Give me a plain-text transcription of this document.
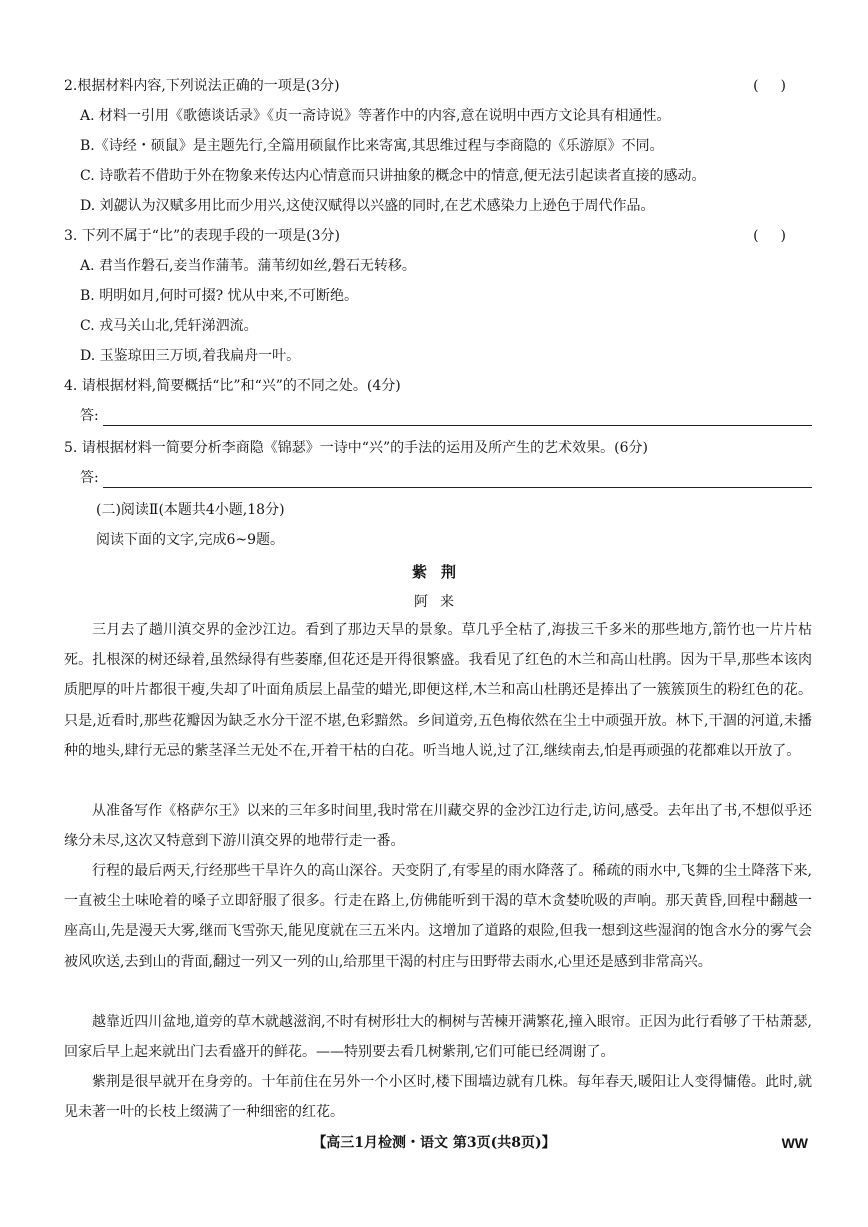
2.根据材料内容,下列说法正确的一项是(3分)	()
A. 材料一引用《歌德谈话录》《贞一斋诗说》等著作中的内容,意在说明中西方文论具有相通性。
B.《诗经・硕鼠》是主题先行,全篇用硕鼠作比来寄寓,其思维过程与李商隐的《乐游原》不同。
C. 诗歌若不借助于外在物象来传达内心情意而只讲抽象的概念中的情意,便无法引起读者直接的感动。
D. 刘勰认为汉赋多用比而少用兴,这使汉赋得以兴盛的同时,在艺术感染力上逊色于周代作品。
3. 下列不属于“比”的表现手段的一项是(3分)	()
A. 君当作磐石,妾当作蒲苇。蒲苇纫如丝,磐石无转移。
B. 明明如月,何时可掇? 忧从中来,不可断绝。
C. 戎马关山北,凭轩涕泗流。
D. 玉鉴琼田三万顷,着我扁舟一叶。
4. 请根据材料,简要概括“比”和“兴”的不同之处。(4分)
答:
5. 请根据材料一简要分析李商隐《锦瑟》一诗中“兴”的手法的运用及所产生的艺术效果。(6分)
答:
(二)阅读Ⅱ(本题共4小题,18分)
阅读下面的文字,完成6~9题。
紫荆
阿来
三月去了趟川滇交界的金沙江边。看到了那边天旱的景象。草几乎全枯了,海拔三千多米的那些地方,箭竹也一片片枯死。扎根深的树还绿着,虽然绿得有些萎靡,但花还是开得很繁盛。我看见了红色的木兰和高山杜鹃。因为干旱,那些本该肉质肥厚的叶片都很干瘦,失却了叶面角质层上晶莹的蜡光,即便这样,木兰和高山杜鹃还是捧出了一簇簇顶生的粉红色的花。只是,近看时,那些花瓣因为缺乏水分干涩不堪,色彩黯然。乡间道旁,五色梅依然在尘土中顽强开放。林下,干涸的河道,未播种的地头,肆行无忌的紫茎泽兰无处不在,开着干枯的白花。听当地人说,过了江,继续南去,怕是再顽强的花都难以开放了。
从准备写作《格萨尔王》以来的三年多时间里,我时常在川藏交界的金沙江边行走,访问,感受。去年出了书,不想似乎还缘分未尽,这次又特意到下游川滇交界的地带行走一番。
行程的最后两天,行经那些干旱许久的高山深谷。天变阴了,有零星的雨水降落了。稀疏的雨水中,飞舞的尘土降落下来,一直被尘土味呛着的嗓子立即舒服了很多。行走在路上,仿佛能听到干渴的草木贪婪吮吸的声响。那天黄昏,回程中翻越一座高山,先是漫天大雾,继而飞雪弥天,能见度就在三五米内。这增加了道路的艰险,但我一想到这些湿润的饱含水分的雾气会被风吹送,去到山的背面,翻过一列又一列的山,给那里干渴的村庄与田野带去雨水,心里还是感到非常高兴。
越靠近四川盆地,道旁的草木就越滋润,不时有树形壮大的桐树与苦楝开满繁花,撞入眼帘。正因为此行看够了干枯萧瑟,回家后早上起来就出门去看盛开的鲜花。——特别要去看几树紫荆,它们可能已经凋谢了。
紫荆是很早就开在身旁的。十年前住在另外一个小区时,楼下围墙边就有几株。每年春天,暖阳让人变得慵倦。此时,就见未著一叶的长枝上缀满了一种细密的红花。
【高三1月检测・语文 第3页(共8页)】	WW
